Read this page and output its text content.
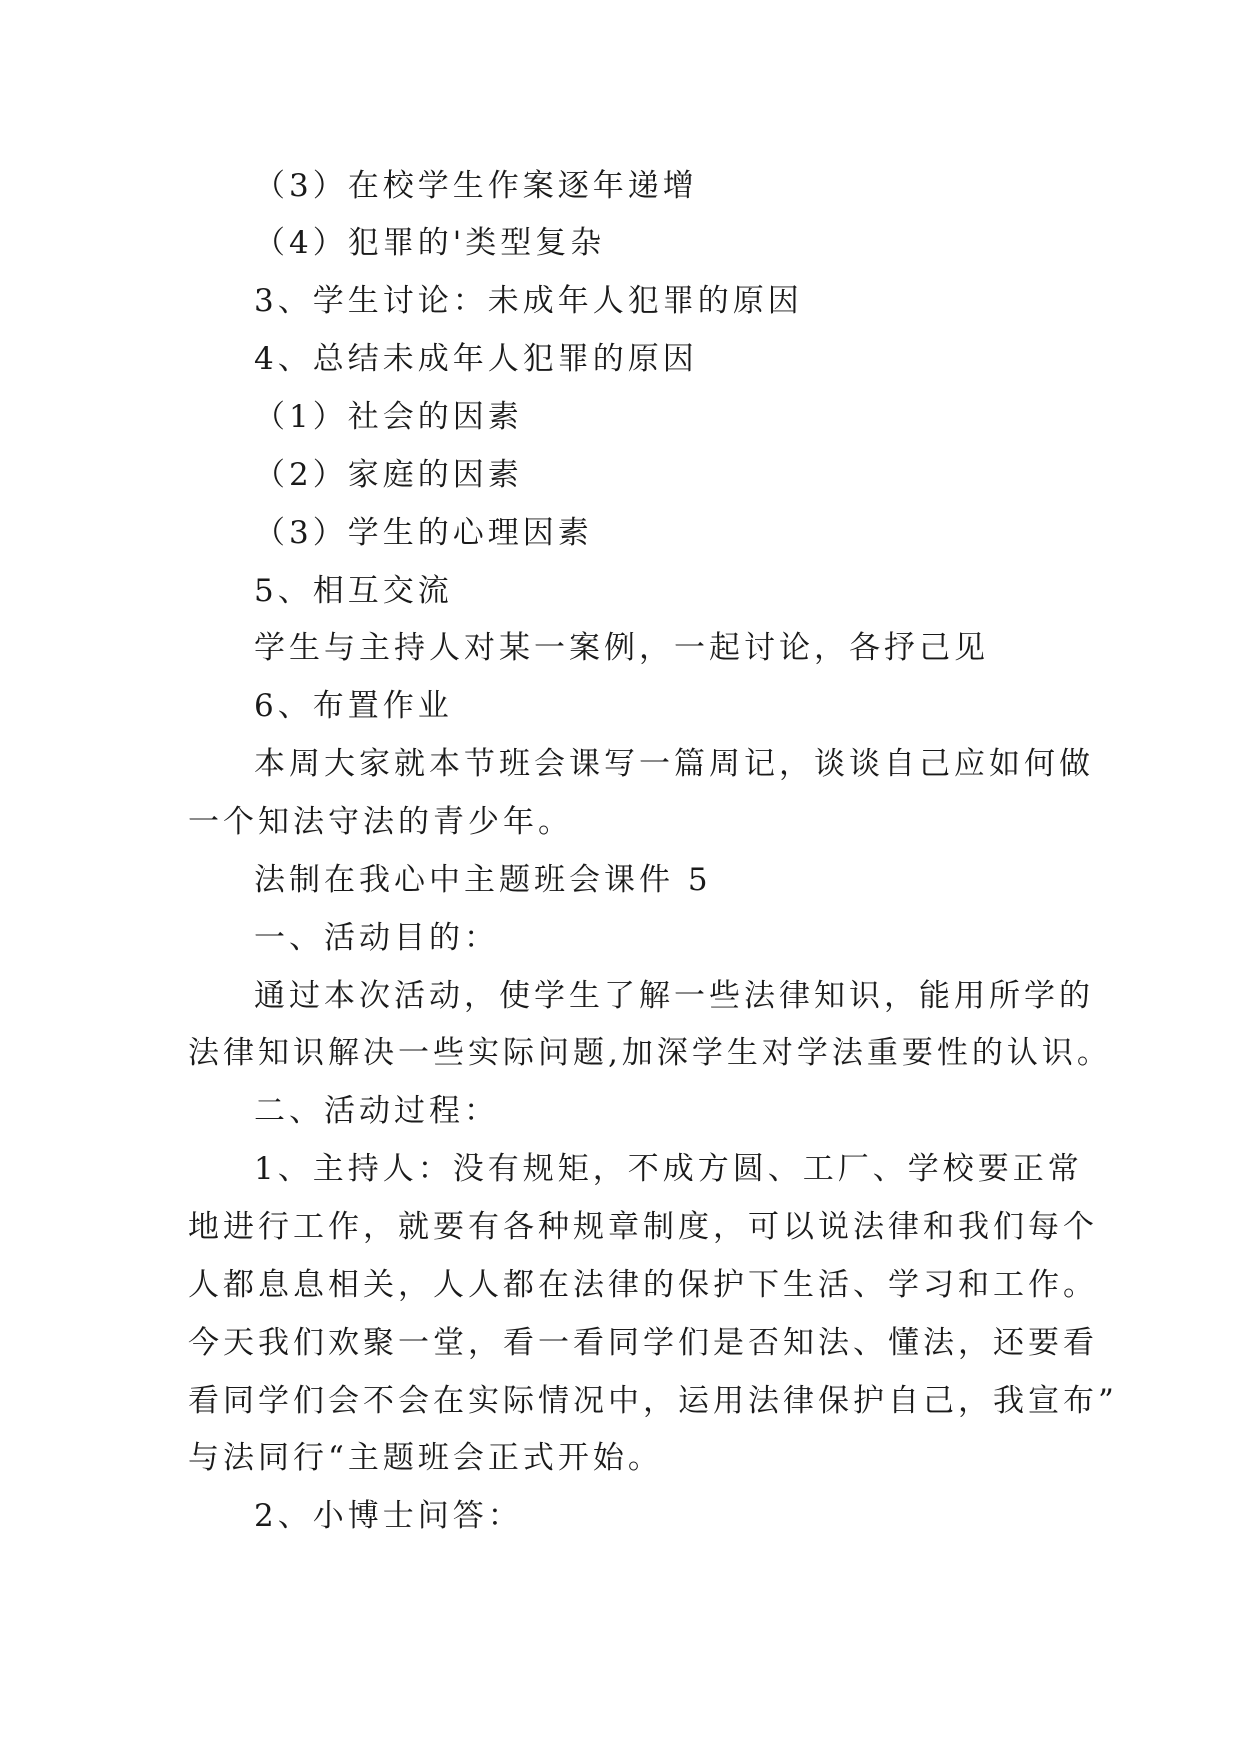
（3）在校学生作案逐年递增

（4）犯罪的'类型复杂

3、学生讨论：未成年人犯罪的原因

4、总结未成年人犯罪的原因

（1）社会的因素

（2）家庭的因素

（3）学生的心理因素

5、相互交流

学生与主持人对某一案例，一起讨论，各抒己见

6、布置作业

本周大家就本节班会课写一篇周记，谈谈自己应如何做

一个知法守法的青少年。

法制在我心中主题班会课件 5

一、活动目的：

通过本次活动，使学生了解一些法律知识，能用所学的

法律知识解决一些实际问题,加深学生对学法重要性的认识。

二、活动过程：

1、主持人：没有规矩，不成方圆、工厂、学校要正常

地进行工作，就要有各种规章制度，可以说法律和我们每个

人都息息相关，人人都在法律的保护下生活、学习和工作。

今天我们欢聚一堂，看一看同学们是否知法、懂法，还要看

看同学们会不会在实际情况中，运用法律保护自己，我宣布”

与法同行“主题班会正式开始。

2、小博士问答：
